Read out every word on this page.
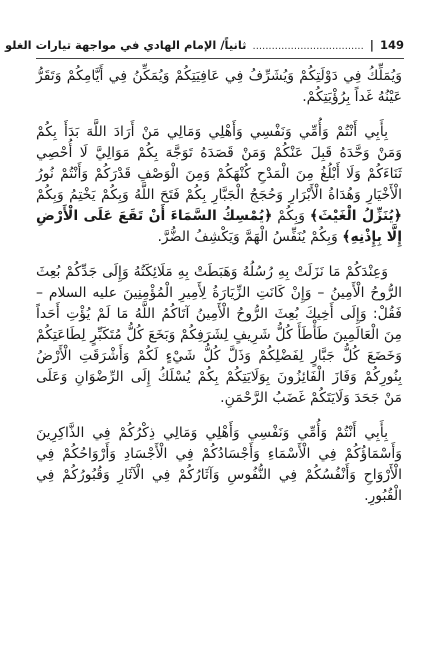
149
|
...................................
ثانياً/ الإمام الهادي في مواجهة تيارات الغلو

وَيُمَلِّكُ فِي دَوْلَتِكُمْ وَيُشَرِّفُ فِي عَافِيَتِكُمْ وَيُمَكِّنُ فِي أَيَّامِكُمْ وَتَقَرُّ عَيْنُهُ غَداً بِرُؤْيَتِكُمْ.

بِأَبِي أَنْتُمْ وَأُمِّي وَنَفْسِي وَأَهْلِي وَمَالِي مَنْ أَرَادَ اللَّهَ بَدَأَ بِكُمْ وَمَنْ وَحَّدَهُ قَبِلَ عَنْكُمْ وَمَنْ قَصَدَهُ تَوَجَّهَ بِكُمْ مَوَالِيَّ لَا أُحْصِي ثَنَاءَكُمْ وَلَا أَبْلُغُ مِنَ الْمَدْحِ كُنْهَكُمْ وَمِنَ الْوَصْفِ قَدْرَكُمْ وَأَنْتُمْ نُورُ الْأَخْيَارِ وَهُدَاةُ الْأَبْرَارِ وَحُجَجُ الْجَبَّارِ بِكُمْ فَتَحَ اللَّهُ وَبِكُمْ يَخْتِمُ وَبِكُمْ ﴿يُنَزِّلُ الْغَيْثَ﴾ وَبِكُمْ ﴿يُمْسِكُ السَّمَاءَ أَنْ تَقَعَ عَلَى الْأَرْضِ إِلَّا بِإِذْنِهِ﴾ وَبِكُمْ يُنَفِّسُ الْهَمَّ وَيَكْشِفُ الضُّرَّ.

وَعِنْدَكُمْ مَا نَزَلَتْ بِهِ رُسُلُهُ وَهَبَطَتْ بِهِ مَلَائِكَتُهُ وَإِلَى جَدِّكُمْ بُعِثَ الرُّوحُ الْأَمِينُ – وَإِنْ كَانَتِ الزِّيَارَةُ لِأَمِيرِ الْمُؤْمِنِينَ عليه السلام – فَقُلْ: وَإِلَى أَخِيكَ بُعِثَ الرُّوحُ الْأَمِينُ آتَاكُمُ اللَّهُ مَا لَمْ يُؤْتِ أَحَداً مِنَ الْعَالَمِينَ طَأْطَأَ كُلُّ شَرِيفٍ لِشَرَفِكُمْ وَبَخَعَ كُلُّ مُتَكَبِّرٍ لِطَاعَتِكُمْ وَخَضَعَ كُلُّ جَبَّارٍ لِفَضْلِكُمْ وَذَلَّ كُلُّ شَيْءٍ لَكُمْ وَأَشْرَقَتِ الْأَرْضُ بِنُورِكُمْ وَفَازَ الْفَائِزُونَ بِوَلَايَتِكُمْ بِكُمْ يُسْلَكُ إِلَى الرِّضْوَانِ وَعَلَى مَنْ جَحَدَ وَلَايَتَكُمْ غَضَبُ الرَّحْمَنِ.

بِأَبِي أَنْتُمْ وَأُمِّي وَنَفْسِي وَأَهْلِي وَمَالِي ذِكْرُكُمْ فِي الذَّاكِرِينَ وَأَسْمَاؤُكُمْ فِي الْأَسْمَاءِ وَأَجْسَادُكُمْ فِي الْأَجْسَادِ وَأَرْوَاحُكُمْ فِي الْأَرْوَاحِ وَأَنْفُسُكُمْ فِي النُّفُوسِ وَآثَارُكُمْ فِي الْآثَارِ وَقُبُورُكُمْ فِي الْقُبُورِ.
